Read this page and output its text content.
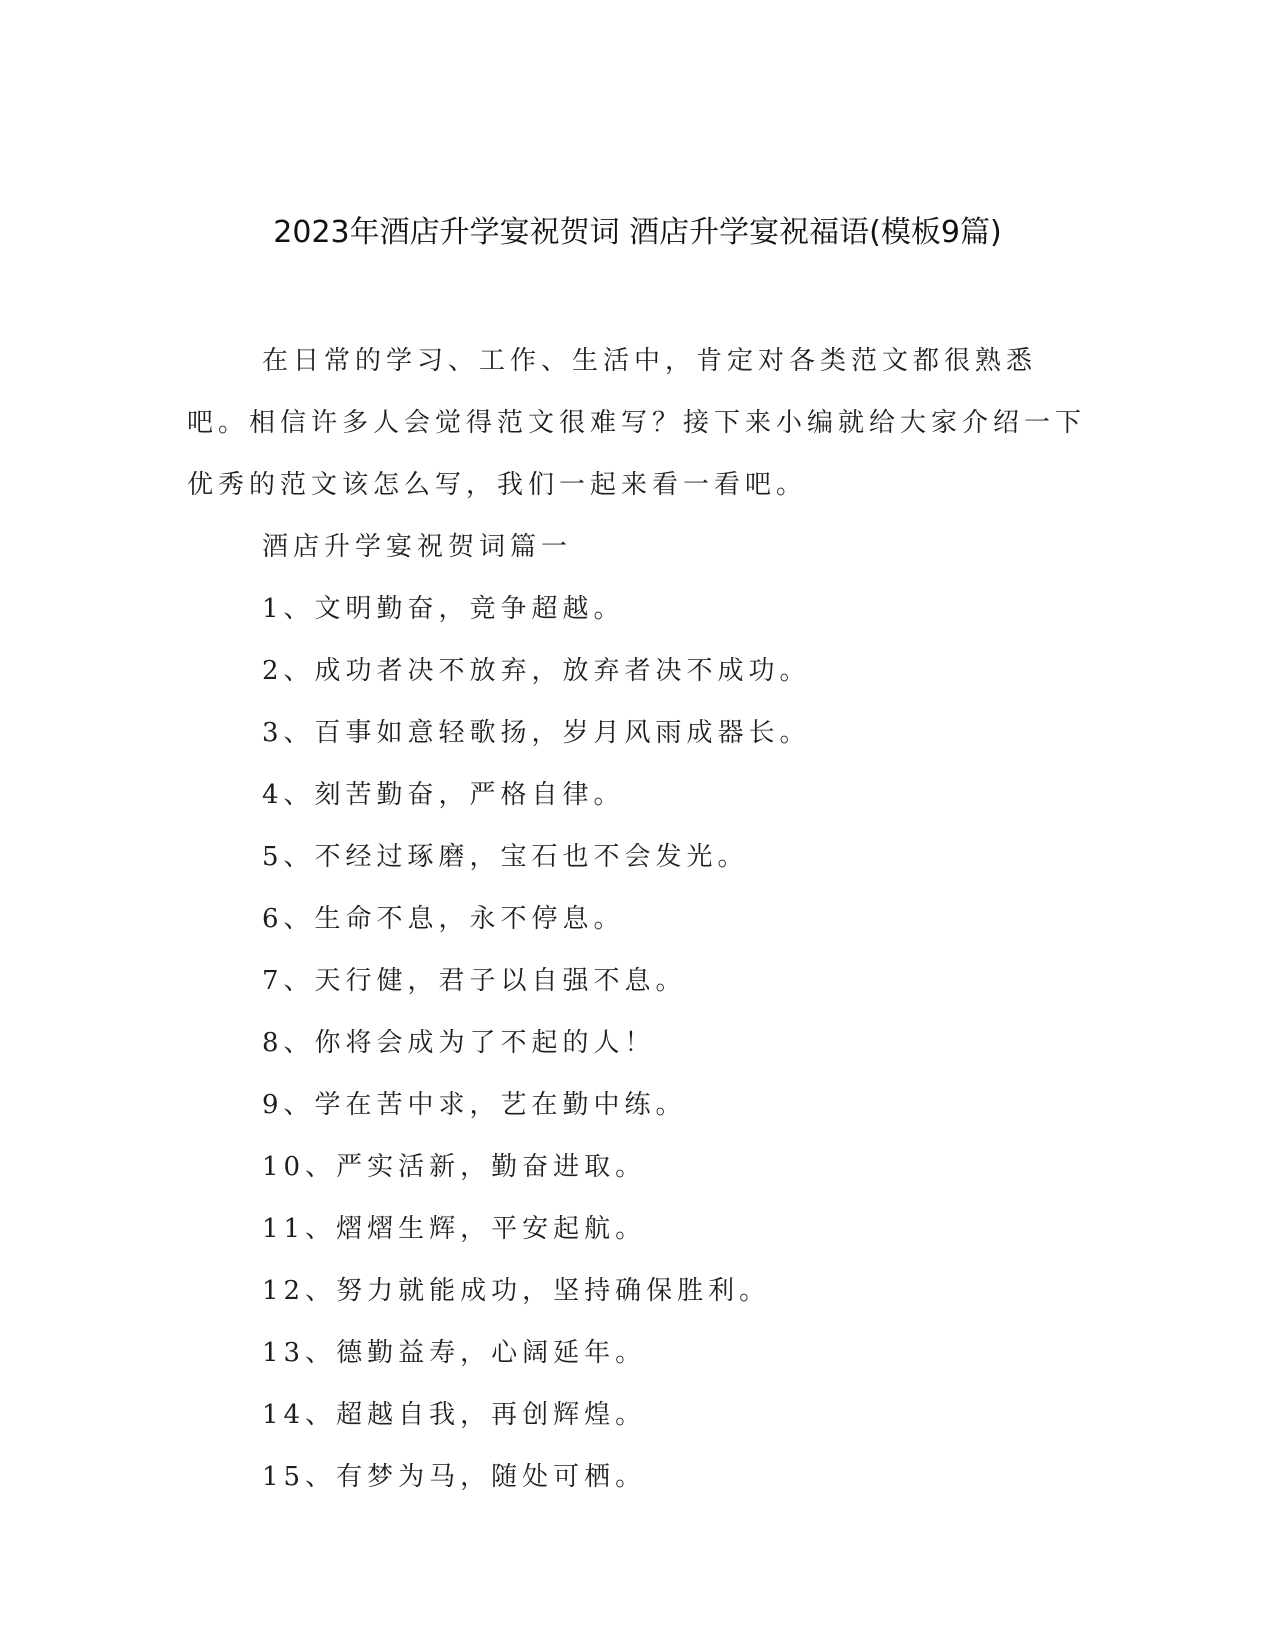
2023年酒店升学宴祝贺词 酒店升学宴祝福语(模板9篇)

在日常的学习、工作、生活中，肯定对各类范文都很熟悉吧。相信许多人会觉得范文很难写？接下来小编就给大家介绍一下优秀的范文该怎么写，我们一起来看一看吧。

酒店升学宴祝贺词篇一

1、文明勤奋，竞争超越。
2、成功者决不放弃，放弃者决不成功。
3、百事如意轻歌扬，岁月风雨成器长。
4、刻苦勤奋，严格自律。
5、不经过琢磨，宝石也不会发光。
6、生命不息，永不停息。
7、天行健，君子以自强不息。
8、你将会成为了不起的人！
9、学在苦中求，艺在勤中练。
10、严实活新，勤奋进取。
11、熠熠生辉，平安起航。
12、努力就能成功，坚持确保胜利。
13、德勤益寿，心阔延年。
14、超越自我，再创辉煌。
15、有梦为马，随处可栖。
